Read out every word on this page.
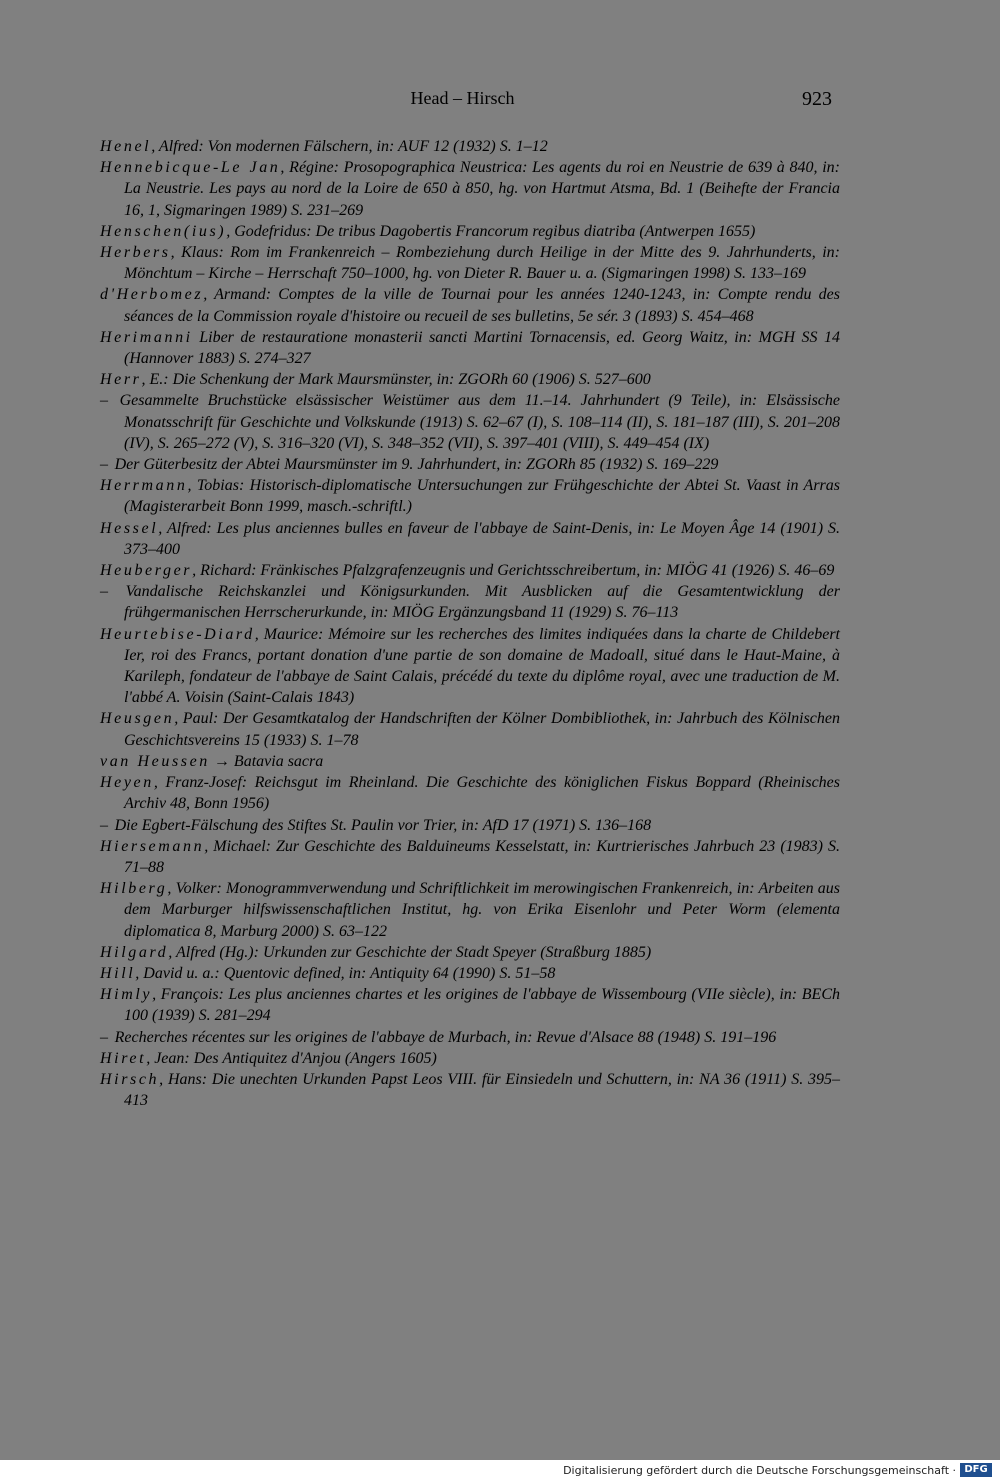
Head – Hirsch	923

Henel, Alfred: Von modernen Fälschern, in: AUF 12 (1932) S. 1–12

Hennebicque-Le Jan, Régine: Prosopographica Neustrica: Les agents du roi en Neustrie de 639 à 840, in: La Neustrie. Les pays au nord de la Loire de 650 à 850, hg. von Hartmut Atsma, Bd. 1 (Beihefte der Francia 16, 1, Sigmaringen 1989) S. 231–269

Henschen(ius), Godefridus: De tribus Dagobertis Francorum regibus diatriba (Antwerpen 1655)

Herbers, Klaus: Rom im Frankenreich – Rombeziehung durch Heilige in der Mitte des 9. Jahrhunderts, in: Mönchtum – Kirche – Herrschaft 750–1000, hg. von Dieter R. Bauer u. a. (Sigmaringen 1998) S. 133–169

d'Herbomez, Armand: Comptes de la ville de Tournai pour les années 1240-1243, in: Compte rendu des séances de la Commission royale d'histoire ou recueil de ses bulletins, 5e sér. 3 (1893) S. 454–468

Herimanni Liber de restauratione monasterii sancti Martini Tornacensis, ed. Georg Waitz, in: MGH SS 14 (Hannover 1883) S. 274–327

Herr, E.: Die Schenkung der Mark Maursmünster, in: ZGORh 60 (1906) S. 527–600

– Gesammelte Bruchstücke elsässischer Weistümer aus dem 11.–14. Jahrhundert (9 Teile), in: Elsässische Monatsschrift für Geschichte und Volkskunde (1913) S. 62–67 (I), S. 108–114 (II), S. 181–187 (III), S. 201–208 (IV), S. 265–272 (V), S. 316–320 (VI), S. 348–352 (VII), S. 397–401 (VIII), S. 449–454 (IX)

– Der Güterbesitz der Abtei Maursmünster im 9. Jahrhundert, in: ZGORh 85 (1932) S. 169–229

Herrmann, Tobias: Historisch-diplomatische Untersuchungen zur Frühgeschichte der Abtei St. Vaast in Arras (Magisterarbeit Bonn 1999, masch.-schriftl.)

Hessel, Alfred: Les plus anciennes bulles en faveur de l'abbaye de Saint-Denis, in: Le Moyen Âge 14 (1901) S. 373–400

Heuberger, Richard: Fränkisches Pfalzgrafenzeugnis und Gerichtsschreibertum, in: MIÖG 41 (1926) S. 46–69

– Vandalische Reichskanzlei und Königsurkunden. Mit Ausblicken auf die Gesamtentwicklung der frühgermanischen Herrscherurkunde, in: MIÖG Ergänzungsband 11 (1929) S. 76–113

Heurtebise-Diard, Maurice: Mémoire sur les recherches des limites indiquées dans la charte de Childebert Ier, roi des Francs, portant donation d'une partie de son domaine de Madoall, situé dans le Haut-Maine, à Karileph, fondateur de l'abbaye de Saint Calais, précédé du texte du diplôme royal, avec une traduction de M. l'abbé A. Voisin (Saint-Calais 1843)

Heusgen, Paul: Der Gesamtkatalog der Handschriften der Kölner Dombibliothek, in: Jahrbuch des Kölnischen Geschichtsvereins 15 (1933) S. 1–78

van Heussen → Batavia sacra

Heyen, Franz-Josef: Reichsgut im Rheinland. Die Geschichte des königlichen Fiskus Boppard (Rheinisches Archiv 48, Bonn 1956)

– Die Egbert-Fälschung des Stiftes St. Paulin vor Trier, in: AfD 17 (1971) S. 136–168

Hiersemann, Michael: Zur Geschichte des Balduineums Kesselstatt, in: Kurtrierisches Jahrbuch 23 (1983) S. 71–88

Hilberg, Volker: Monogrammverwendung und Schriftlichkeit im merowingischen Frankenreich, in: Arbeiten aus dem Marburger hilfswissenschaftlichen Institut, hg. von Erika Eisenlohr und Peter Worm (elementa diplomatica 8, Marburg 2000) S. 63–122

Hilgard, Alfred (Hg.): Urkunden zur Geschichte der Stadt Speyer (Straßburg 1885)

Hill, David u. a.: Quentovic defined, in: Antiquity 64 (1990) S. 51–58

Himly, François: Les plus anciennes chartes et les origines de l'abbaye de Wissembourg (VIIe siècle), in: BECh 100 (1939) S. 281–294

– Recherches récentes sur les origines de l'abbaye de Murbach, in: Revue d'Alsace 88 (1948) S. 191–196

Hiret, Jean: Des Antiquitez d'Anjou (Angers 1605)

Hirsch, Hans: Die unechten Urkunden Papst Leos VIII. für Einsiedeln und Schuttern, in: NA 36 (1911) S. 395–413

Digitalisierung gefördert durch die Deutsche Forschungsgemeinschaft · DFG
